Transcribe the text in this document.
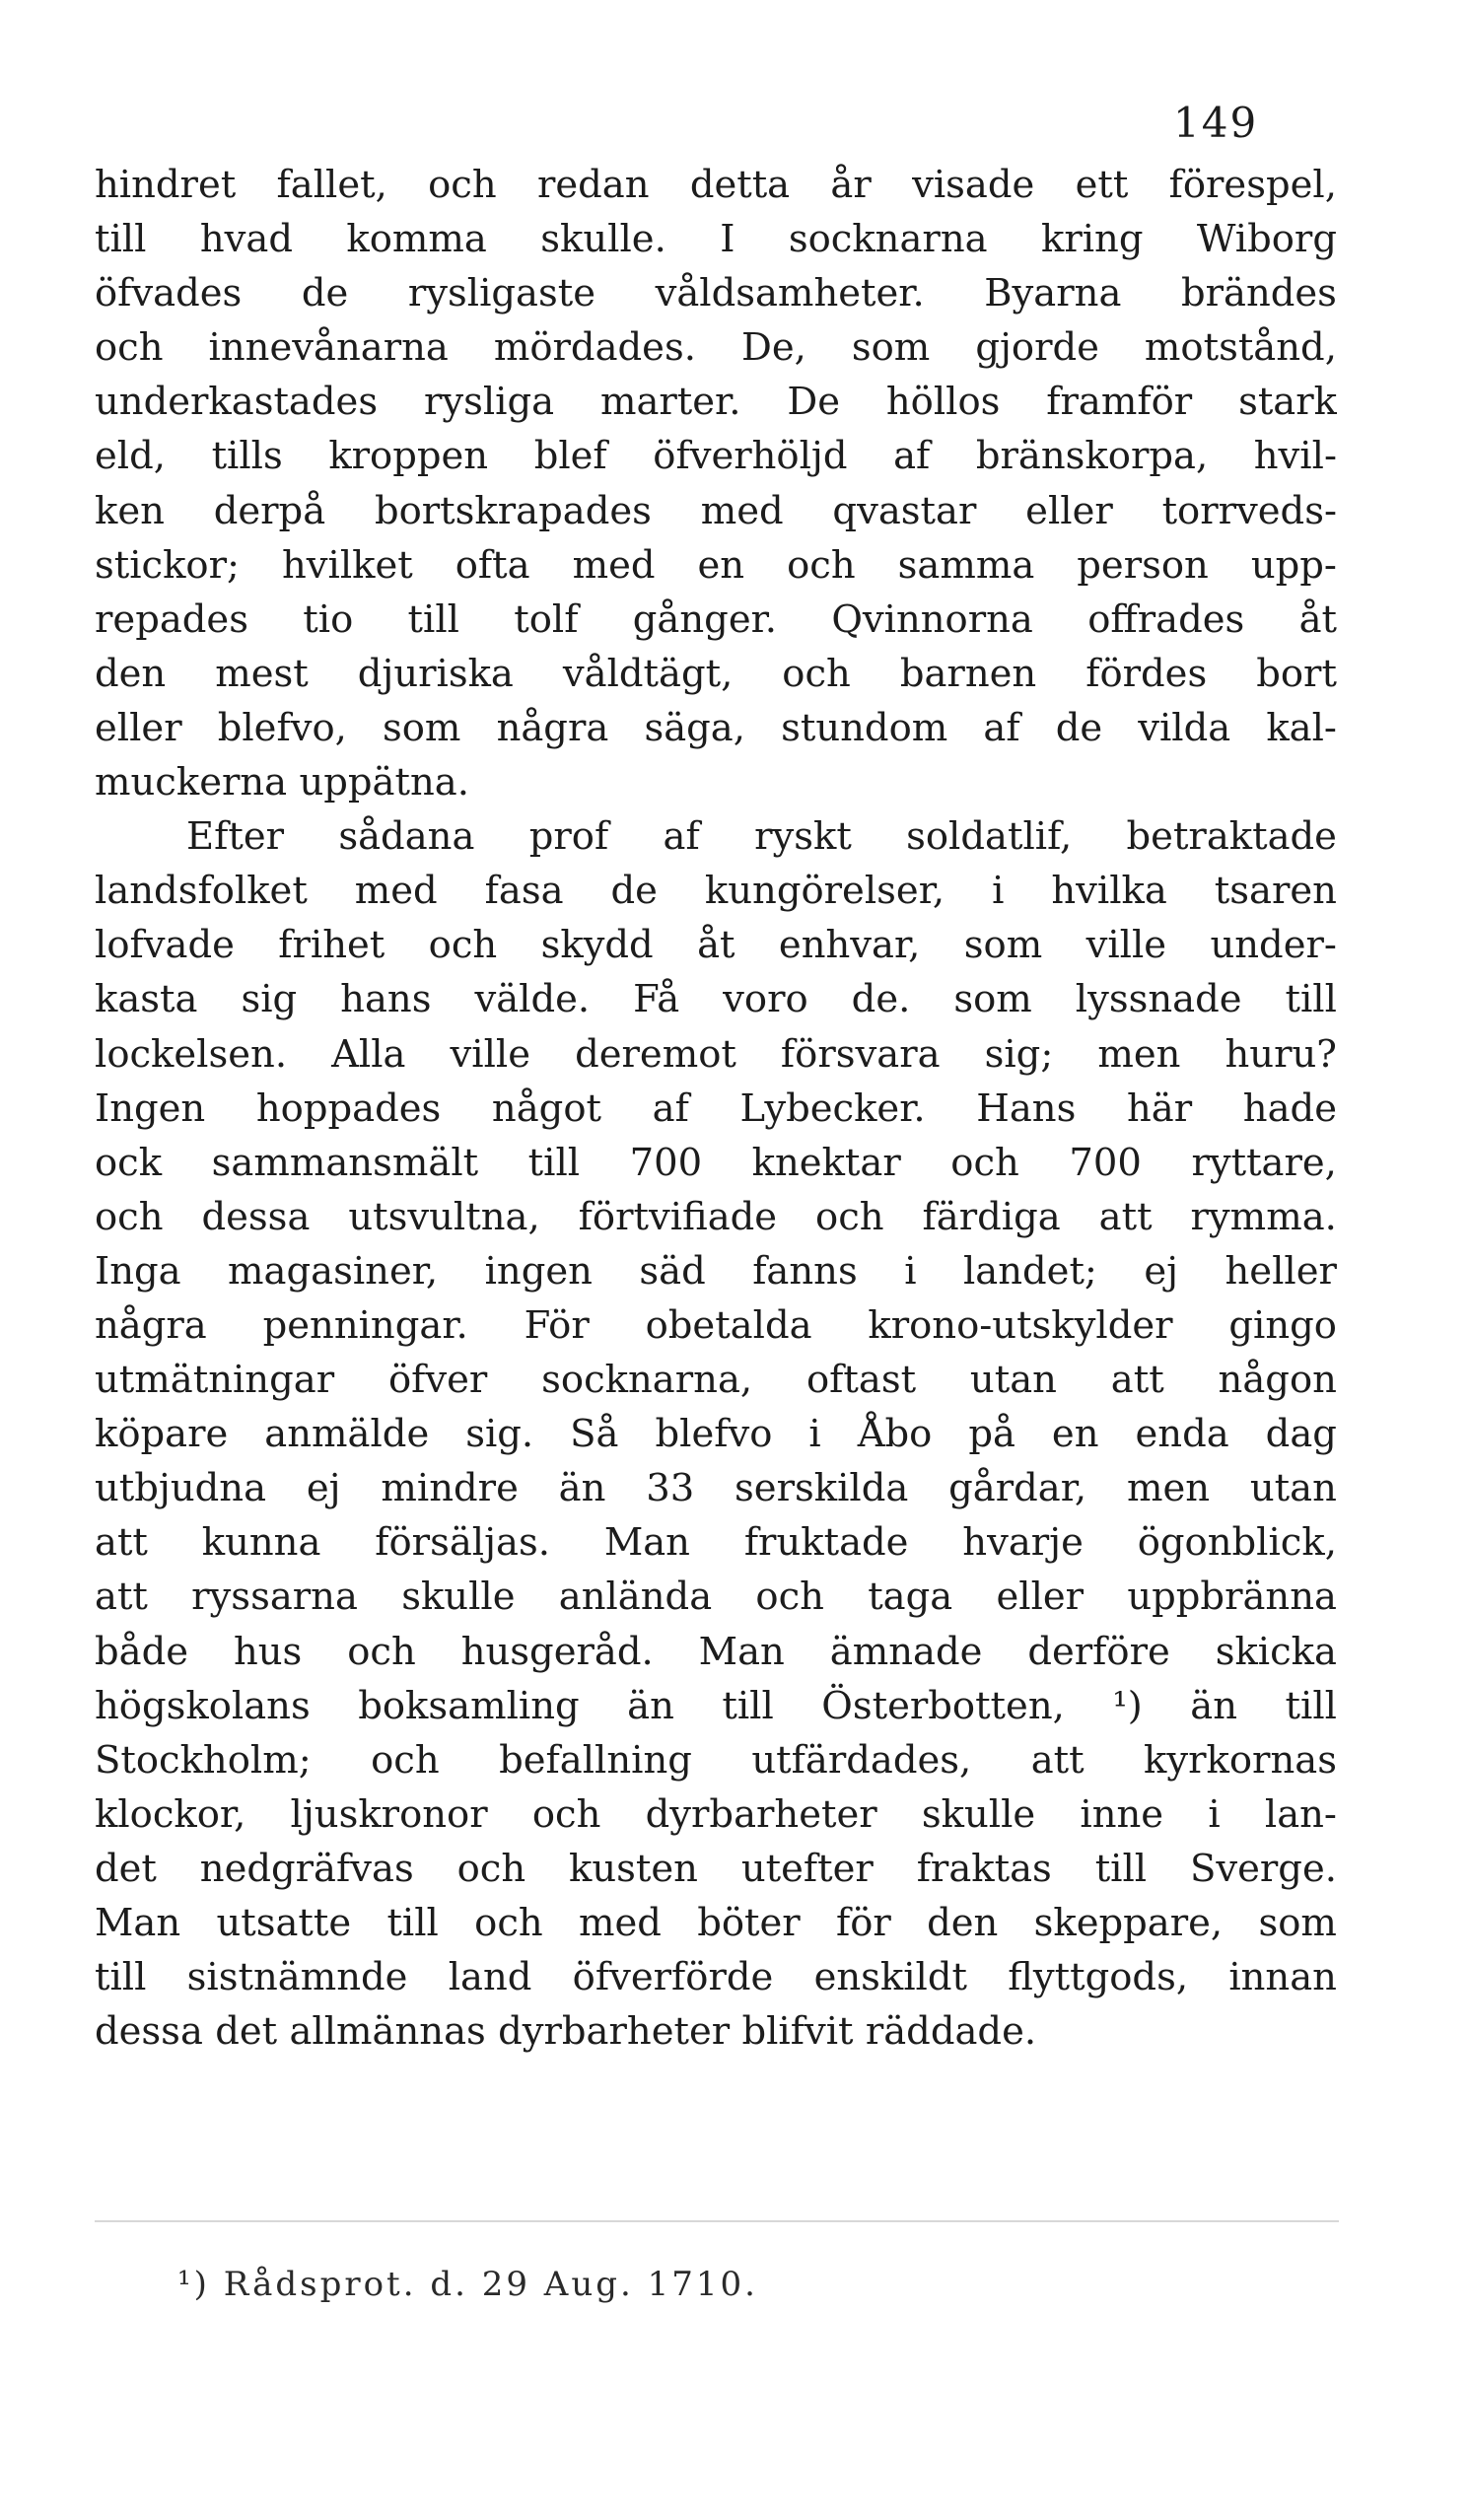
149
hindret fallet, och redan detta år visade ett förespel,
till hvad komma skulle. I socknarna kring Wiborg
öfvades de rysligaste våldsamheter. Byarna brändes
och innevånarna mördades. De, som gjorde motstånd,
underkastades rysliga marter. De höllos framför stark
eld, tills kroppen blef öfverhöljd af bränskorpa, hvil-
ken derpå bortskrapades med qvastar eller torrveds-
stickor; hvilket ofta med en och samma person upp-
repades tio till tolf gånger. Qvinnorna offrades åt
den mest djuriska våldtägt, och barnen fördes bort
eller blefvo, som några säga, stundom af de vilda kal-
muckerna uppätna.
Efter sådana prof af ryskt soldatlif, betraktade
landsfolket med fasa de kungörelser, i hvilka tsaren
lofvade frihet och skydd åt enhvar, som ville under-
kasta sig hans välde. Få voro de. som lyssnade till
lockelsen. Alla ville deremot försvara sig; men huru?
Ingen hoppades något af Lybecker. Hans här hade
ock sammansmält till 700 knektar och 700 ryttare,
och dessa utsvultna, förtvifiade och färdiga att rymma.
Inga magasiner, ingen säd fanns i landet; ej heller
några penningar. För obetalda krono-utskylder gingo
utmätningar öfver socknarna, oftast utan att någon
köpare anmälde sig. Så blefvo i Åbo på en enda dag
utbjudna ej mindre än 33 serskilda gårdar, men utan
att kunna försäljas. Man fruktade hvarje ögonblick,
att ryssarna skulle anlända och taga eller uppbränna
både hus och husgeråd. Man ämnade derföre skicka
högskolans boksamling än till Österbotten, ¹) än till
Stockholm; och befallning utfärdades, att kyrkornas
klockor, ljuskronor och dyrbarheter skulle inne i lan-
det nedgräfvas och kusten utefter fraktas till Sverge.
Man utsatte till och med böter för den skeppare, som
till sistnämnde land öfverförde enskildt flyttgods, innan
dessa det allmännas dyrbarheter blifvit räddade.
¹) Rådsprot. d. 29 Aug. 1710.
